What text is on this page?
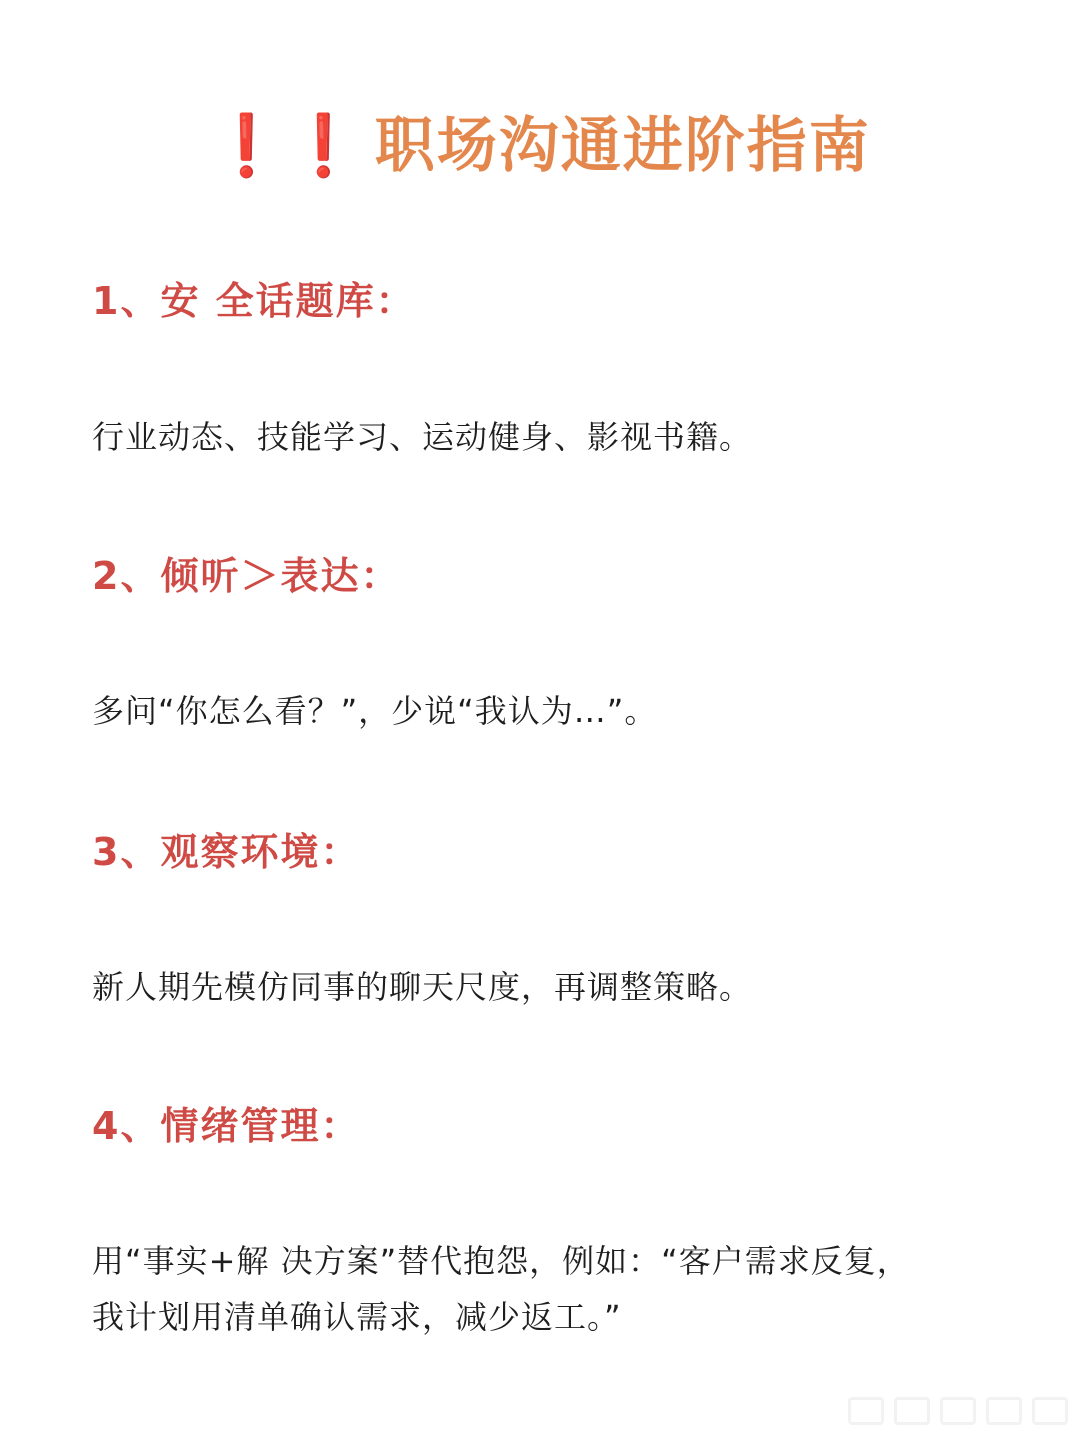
❗❗ 职场沟通进阶指南
1、安 全话题库：
行业动态、技能学习、运动健身、影视书籍。
2、倾听＞表达：
多问“你怎么看？”，少说“我认为…”。
3、观察环境：
新人期先模仿同事的聊天尺度，再调整策略。
4、情绪管理：
用“事实+解 决方案”替代抱怨，例如：“客户需求反复，
我计划用清单确认需求，减少返工。”
